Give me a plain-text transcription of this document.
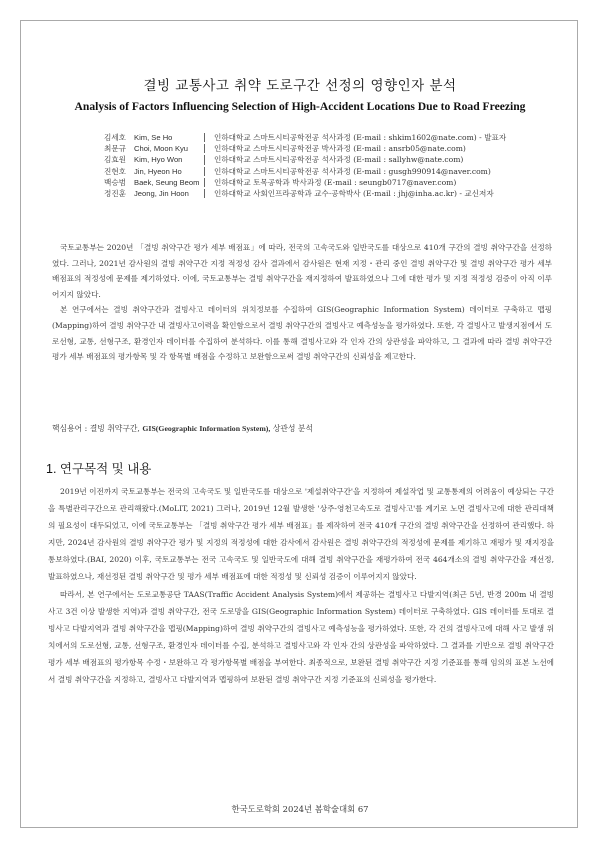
결빙 교통사고 취약 도로구간 선정의 영향인자 분석
Analysis of Factors Influencing Selection of High-Accident Locations Due to Road Freezing
김세호	Kim, Se Ho	인하대학교 스마트시티공학전공 석사과정 (E-mail : shkim1602@nate.com) - 발표자
최문규	Choi, Moon Kyu	인하대학교 스마트시티공학전공 박사과정 (E-mail : ansrb05@nate.com)
김효원	Kim, Hyo Won	인하대학교 스마트시티공학전공 석사과정 (E-mail : sallyhw@nate.com)
진현호	Jin, Hyeon Ho	인하대학교 스마트시티공학전공 석사과정 (E-mail : gusgh990914@naver.com)
백승범	Baek, Seung Beom	인하대학교 토목공학과 박사과정 (E-mail : seungb0717@naver.com)
정진훈	Jeong, Jin Hoon	인하대학교 사회인프라공학과 교수·공학박사 (E-mail : jhj@inha.ac.kr) - 교신저자

국토교통부는 2020년 「결빙 취약구간 평가 세부 배점표」에 따라, 전국의 고속국도와 일반국도를 대상으로 410개 구간의 결빙 취약구간을 선정하였다. 그러나, 2021년 감사원의 결빙 취약구간 지정 적정성 감사 결과에서 감사원은 현재 지정・관리 중인 결빙 취약구간 및 결빙 취약구간 평가 세부 배점표의 적정성에 문제를 제기하였다. 이에, 국토교통부는 결빙 취약구간을 재지정하여 발표하였으나 그에 대한 평가 및 지정 적정성 검증이 아직 이루어지지 않았다.

본 연구에서는 결빙 취약구간과 결빙사고 데이터의 위치정보를 수집하여 GIS(Geographic Information System) 데이터로 구축하고 맵핑(Mapping)하여 결빙 취약구간 내 결빙사고이력을 확인함으로서 결빙 취약구간의 결빙사고 예측성능을 평가하였다. 또한, 각 결빙사고 발생지점에서 도로선형, 교통, 선형구조, 환경인자 데이터를 수집하여 분석하다. 이를 통해 결빙사고와 각 인자 간의 상관성을 파악하고, 그 결과에 따라 결빙 취약구간 평가 세부 배점표의 평가항목 및 각 항목별 배점을 수정하고 보완함으로써 결빙 취약구간의 신뢰성을 제고한다.

핵심용어 : 결빙 취약구간, GIS(Geographic Information System), 상관성 분석
1. 연구목적 및 내용

2019년 이전까지 국토교통부는 전국의 고속국도 및 일반국도를 대상으로 '제설취약구간'을 지정하여 제설작업 및 교통통제의 어려움이 예상되는 구간을 특별관리구간으로 관리해왔다.(MoLIT, 2021) 그러나, 2019년 12월 발생한 '상주-영천고속도로 결빙사고'를 계기로 노면 결빙사고에 대한 관리대책의 필요성이 대두되었고, 이에 국토교통부는 「결빙 취약구간 평가 세부 배점표」를 제작하여 전국 410개 구간의 결빙 취약구간을 선정하여 관리했다. 하지만, 2024년 감사원의 결빙 취약구간 평가 및 지정의 적정성에 대한 감사에서 감사원은 결빙 취약구간의 적정성에 문제를 제기하고 재평가 및 재지정을 통보하였다.(BAI, 2020) 이후, 국토교통부는 전국 고속국도 및 일반국도에 대해 결빙 취약구간을 재평가하여 전국 464개소의 결빙 취약구간을 재선정, 발표하였으나, 재선정된 결빙 취약구간 및 평가 세부 배점표에 대한 적정성 및 신뢰성 검증이 이루어지지 않았다.

따라서, 본 연구에서는 도로교통공단 TAAS(Traffic Accident Analysis System)에서 제공하는 결빙사고 다발지역(최근 5년, 반경 200m 내 결빙사고 3건 이상 발생한 지역)과 결빙 취약구간, 전국 도로망을 GIS(Geographic Information System) 데이터로 구축하였다. GIS 데이터를 토대로 결빙사고 다발지역과 결빙 취약구간을 맵핑(Mapping)하여 결빙 취약구간의 결빙사고 예측성능을 평가하였다. 또한, 각 건의 결빙사고에 대해 사고 발생 위치에서의 도로선형, 교통, 선형구조, 환경인자 데이터를 수집, 분석하고 결빙사고와 각 인자 간의 상관성을 파악하였다. 그 결과를 기반으로 결빙 취약구간 평가 세부 배점표의 평가항목 수정・보완하고 각 평가항목별 배점을 부여한다. 최종적으로, 보완된 결빙 취약구간 지정 기준표를 통해 임의의 표본 노선에서 결빙 취약구간을 지정하고, 결빙사고 다발지역과 맵핑하여 보완된 결빙 취약구간 지정 기준표의 신뢰성을 평가한다.

한국도로학회 2024년 봄학술대회 67
